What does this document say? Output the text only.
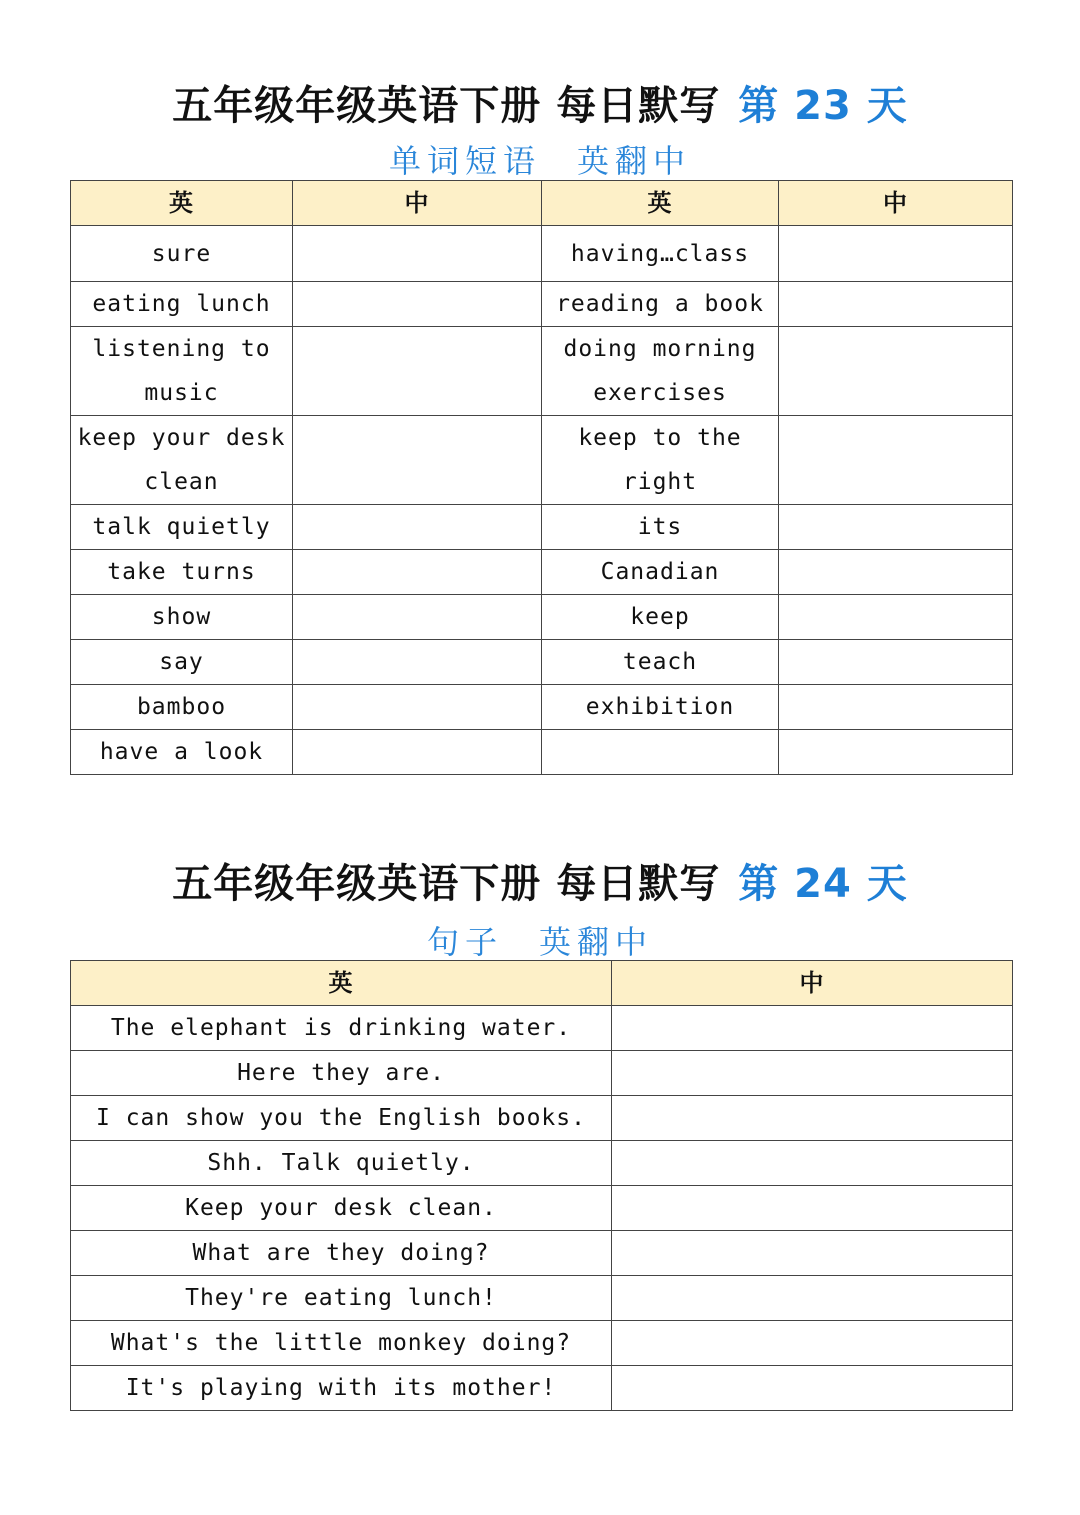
五年级年级英语下册 每日默写 第 23 天
单词短语 英翻中
英	中	英	中
sure		having…class	
eating lunch		reading a book	
listening to music		doing morning exercises	
keep your desk clean		keep to the right	
talk quietly		its	
take turns		Canadian	
show		keep	
say		teach	
bamboo		exhibition	
have a look			
五年级年级英语下册 每日默写 第 24 天
句子 英翻中
英	中
The elephant is drinking water.	
Here they are.	
I can show you the English books.	
Shh. Talk quietly.	
Keep your desk clean.	
What are they doing?	
They're eating lunch!	
What's the little monkey doing?	
It's playing with its mother!	
